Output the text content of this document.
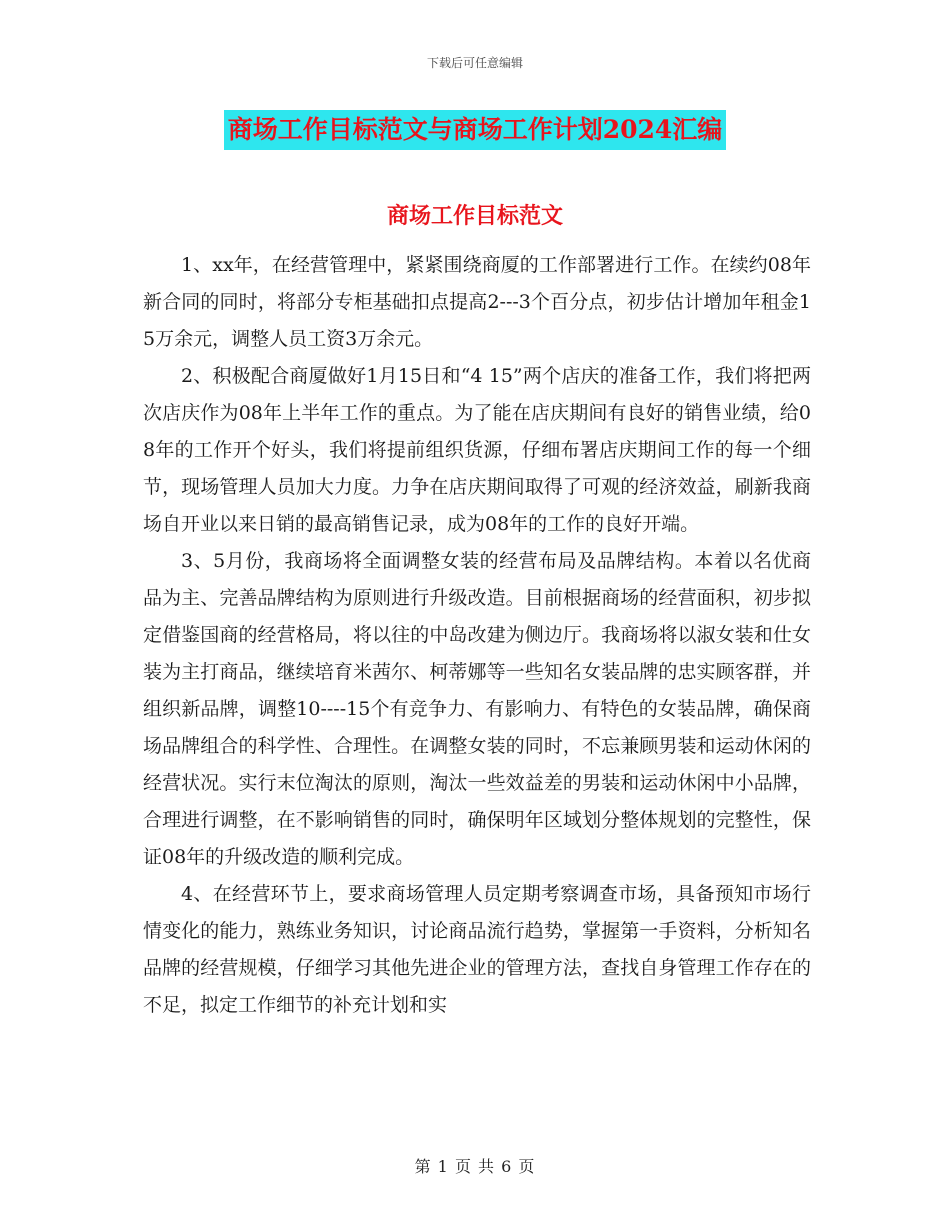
下载后可任意编辑
商场工作目标范文与商场工作计划2024汇编
商场工作目标范文

1、xx年，在经营管理中，紧紧围绕商厦的工作部署进行工作。在续约08年新合同的同时，将部分专柜基础扣点提高2---3个百分点，初步估计增加年租金15万余元，调整人员工资3万余元。

2、积极配合商厦做好1月15日和“4 15”两个店庆的准备工作，我们将把两次店庆作为08年上半年工作的重点。为了能在店庆期间有良好的销售业绩，给08年的工作开个好头，我们将提前组织货源，仔细布署店庆期间工作的每一个细节，现场管理人员加大力度。力争在店庆期间取得了可观的经济效益，刷新我商场自开业以来日销的最高销售记录，成为08年的工作的良好开端。

3、5月份，我商场将全面调整女装的经营布局及品牌结构。本着以名优商品为主、完善品牌结构为原则进行升级改造。目前根据商场的经营面积，初步拟定借鉴国商的经营格局，将以往的中岛改建为侧边厅。我商场将以淑女装和仕女装为主打商品，继续培育米茜尔、柯蒂娜等一些知名女装品牌的忠实顾客群，并组织新品牌，调整10----15个有竞争力、有影响力、有特色的女装品牌，确保商场品牌组合的科学性、合理性。在调整女装的同时，不忘兼顾男装和运动休闲的经营状况。实行末位淘汰的原则，淘汰一些效益差的男装和运动休闲中小品牌，合理进行调整，在不影响销售的同时，确保明年区域划分整体规划的完整性，保证08年的升级改造的顺利完成。

4、在经营环节上，要求商场管理人员定期考察调查市场，具备预知市场行情变化的能力，熟练业务知识，讨论商品流行趋势，掌握第一手资料，分析知名品牌的经营规模，仔细学习其他先进企业的管理方法，查找自身管理工作存在的不足，拟定工作细节的补充计划和实

第 1 页 共 6 页
